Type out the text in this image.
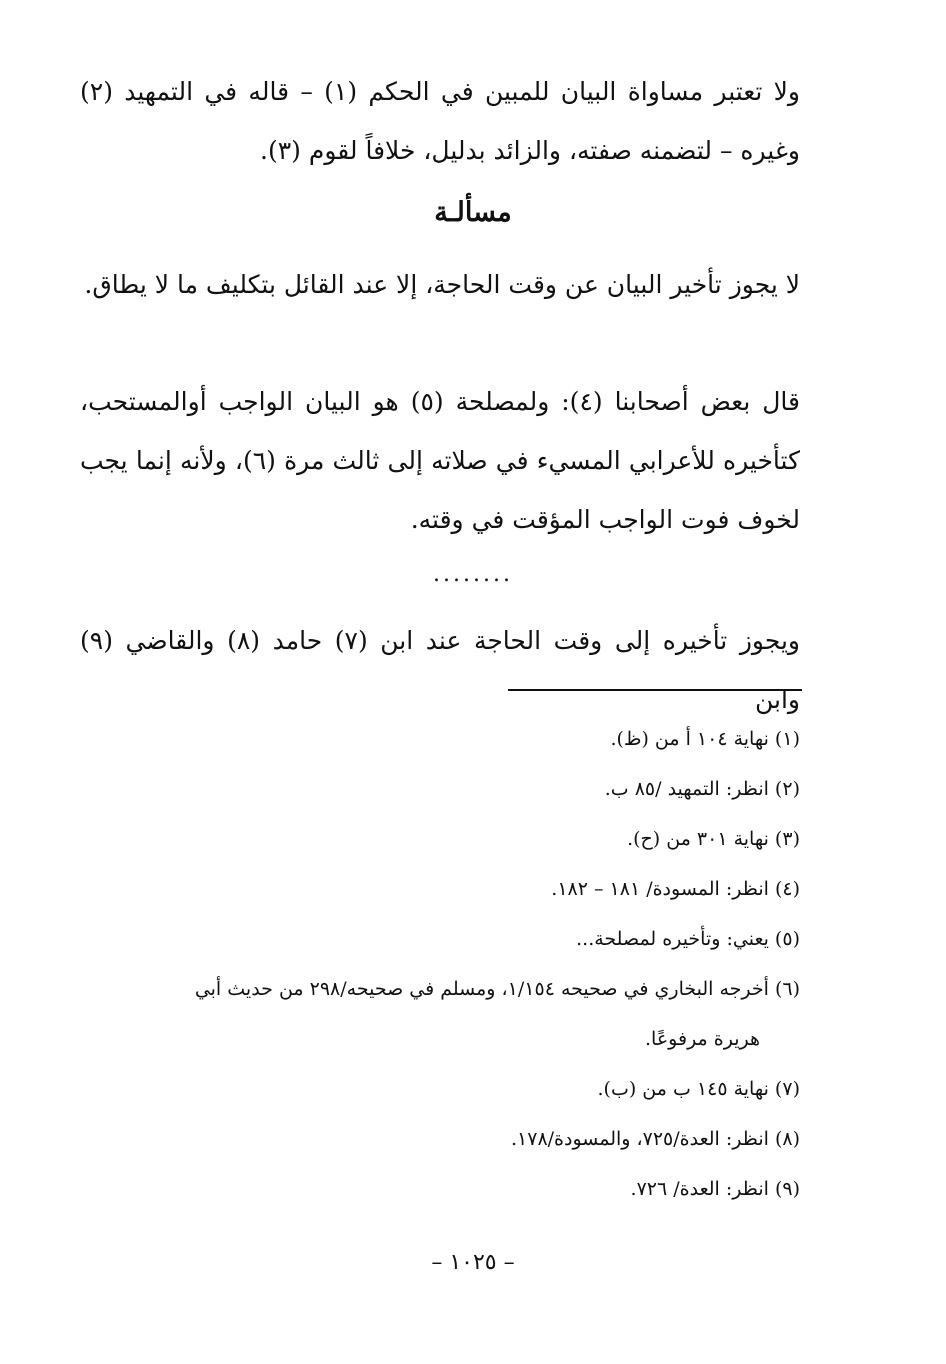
ولا تعتبر مساواة البيان للمبين في الحكم (١) – قاله في التمهيد (٢) وغيره – لتضمنه صفته، والزائد بدليل، خلافاً لقوم (٣).

مسألـة

لا يجوز تأخير البيان عن وقت الحاجة، إلا عند القائل بتكليف ما لا يطاق.

قال بعض أصحابنا (٤): ولمصلحة (٥) هو البيان الواجب أوالمستحب، كتأخيره للأعرابي المسيء في صلاته إلى ثالث مرة (٦)، ولأنه إنما يجب لخوف فوت الواجب المؤقت في وقته.

........

ويجوز تأخيره إلى وقت الحاجة عند ابن (٧) حامد (٨) والقاضي (٩) وابن

(١) نهاية ١٠٤ أ من (ظ).

(٢) انظر: التمهيد /٨٥ ب.

(٣) نهاية ٣٠١ من (ح).

(٤) انظر: المسودة/ ١٨١ – ١٨٢.

(٥) يعني: وتأخيره لمصلحة...

(٦) أخرجه البخاري في صحيحه ١/١٥٤، ومسلم في صحيحه/٢٩٨ من حديث أبي

هريرة مرفوعًا.

(٧) نهاية ١٤٥ ب من (ب).

(٨) انظر: العدة/٧٢٥، والمسودة/١٧٨.

(٩) انظر: العدة/ ٧٢٦.

– ١٠٢٥ –
